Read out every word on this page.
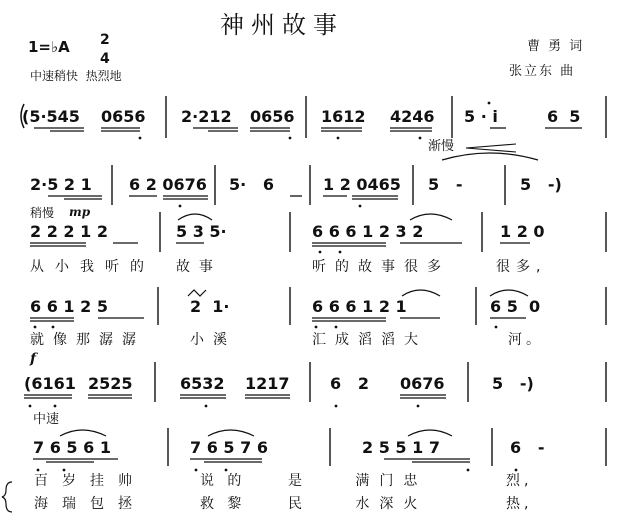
神州故事
曹 勇 词
张立东 曲
1=♭A 2
4
中速稍快  热烈地
(5·545 0656 2·212 0656 1612 4246 5 · i	6  5
渐慢
2·5 2 1 6 2 0676 5·   6	1 2 0465 5   -	5   -)
稍慢 mp
2 2 2 1 2	5 3 5·	6 6 6 1 2 3 2	1 2 0
从小我听的 故  事	听的故事很多	很多,
6 6 1 2 5	2  1·	6 6 6 1 2 1	6 5  0
就像那潺潺	小溪	汇成滔滔大	河。
f
(6161 2525	6532 1217	6   2 0676	5   -)
中速
7 6 5 6 1	7 6 5 7 6	2 5 5 1 7	6   -
百岁挂帅	说   的	是   满门忠	烈,
海瑞包拯	救   黎	民   水深火	热,
